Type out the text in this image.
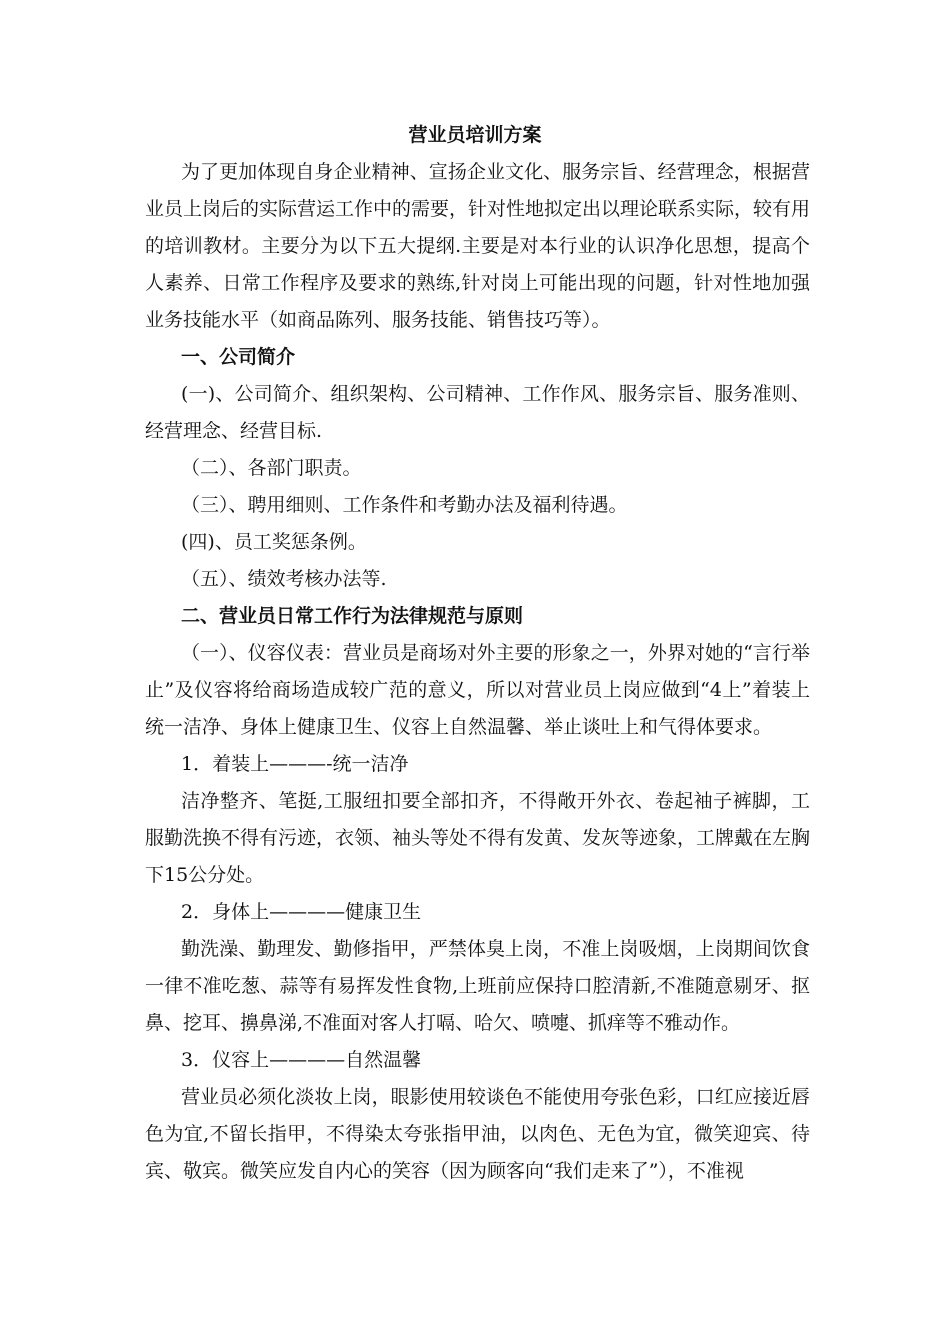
营业员培训方案

为了更加体现自身企业精神、宣扬企业文化、服务宗旨、经营理念，根据营业员上岗后的实际营运工作中的需要，针对性地拟定出以理论联系实际，较有用的培训教材。主要分为以下五大提纲.主要是对本行业的认识净化思想，提高个人素养、日常工作程序及要求的熟练,针对岗上可能出现的问题，针对性地加强业务技能水平（如商品陈列、服务技能、销售技巧等）。

一、公司简介

(一)、公司简介、组织架构、公司精神、工作作风、服务宗旨、服务准则、经营理念、经营目标.

（二）、各部门职责。

（三）、聘用细则、工作条件和考勤办法及福利待遇。

(四)、员工奖惩条例。

（五）、绩效考核办法等.

二、营业员日常工作行为法律规范与原则

（一）、仪容仪表：营业员是商场对外主要的形象之一，外界对她的“言行举止”及仪容将给商场造成较广范的意义，所以对营业员上岗应做到“4上”着装上统一洁净、身体上健康卫生、仪容上自然温馨、举止谈吐上和气得体要求。

1．着装上———-统一洁净

洁净整齐、笔挺,工服纽扣要全部扣齐，不得敞开外衣、卷起袖子裤脚，工服勤洗换不得有污迹，衣领、袖头等处不得有发黄、发灰等迹象，工牌戴在左胸下15公分处。

2．身体上————健康卫生

勤洗澡、勤理发、勤修指甲，严禁体臭上岗，不准上岗吸烟，上岗期间饮食一律不准吃葱、蒜等有易挥发性食物,上班前应保持口腔清新,不准随意剔牙、抠鼻、挖耳、擤鼻涕,不准面对客人打嗝、哈欠、喷嚏、抓痒等不雅动作。

3．仪容上————自然温馨

营业员必须化淡妆上岗，眼影使用较谈色不能使用夸张色彩，口红应接近唇色为宜,不留长指甲，不得染太夸张指甲油，以肉色、无色为宜，微笑迎宾、待宾、敬宾。微笑应发自内心的笑容（因为顾客向“我们走来了”），不准视
